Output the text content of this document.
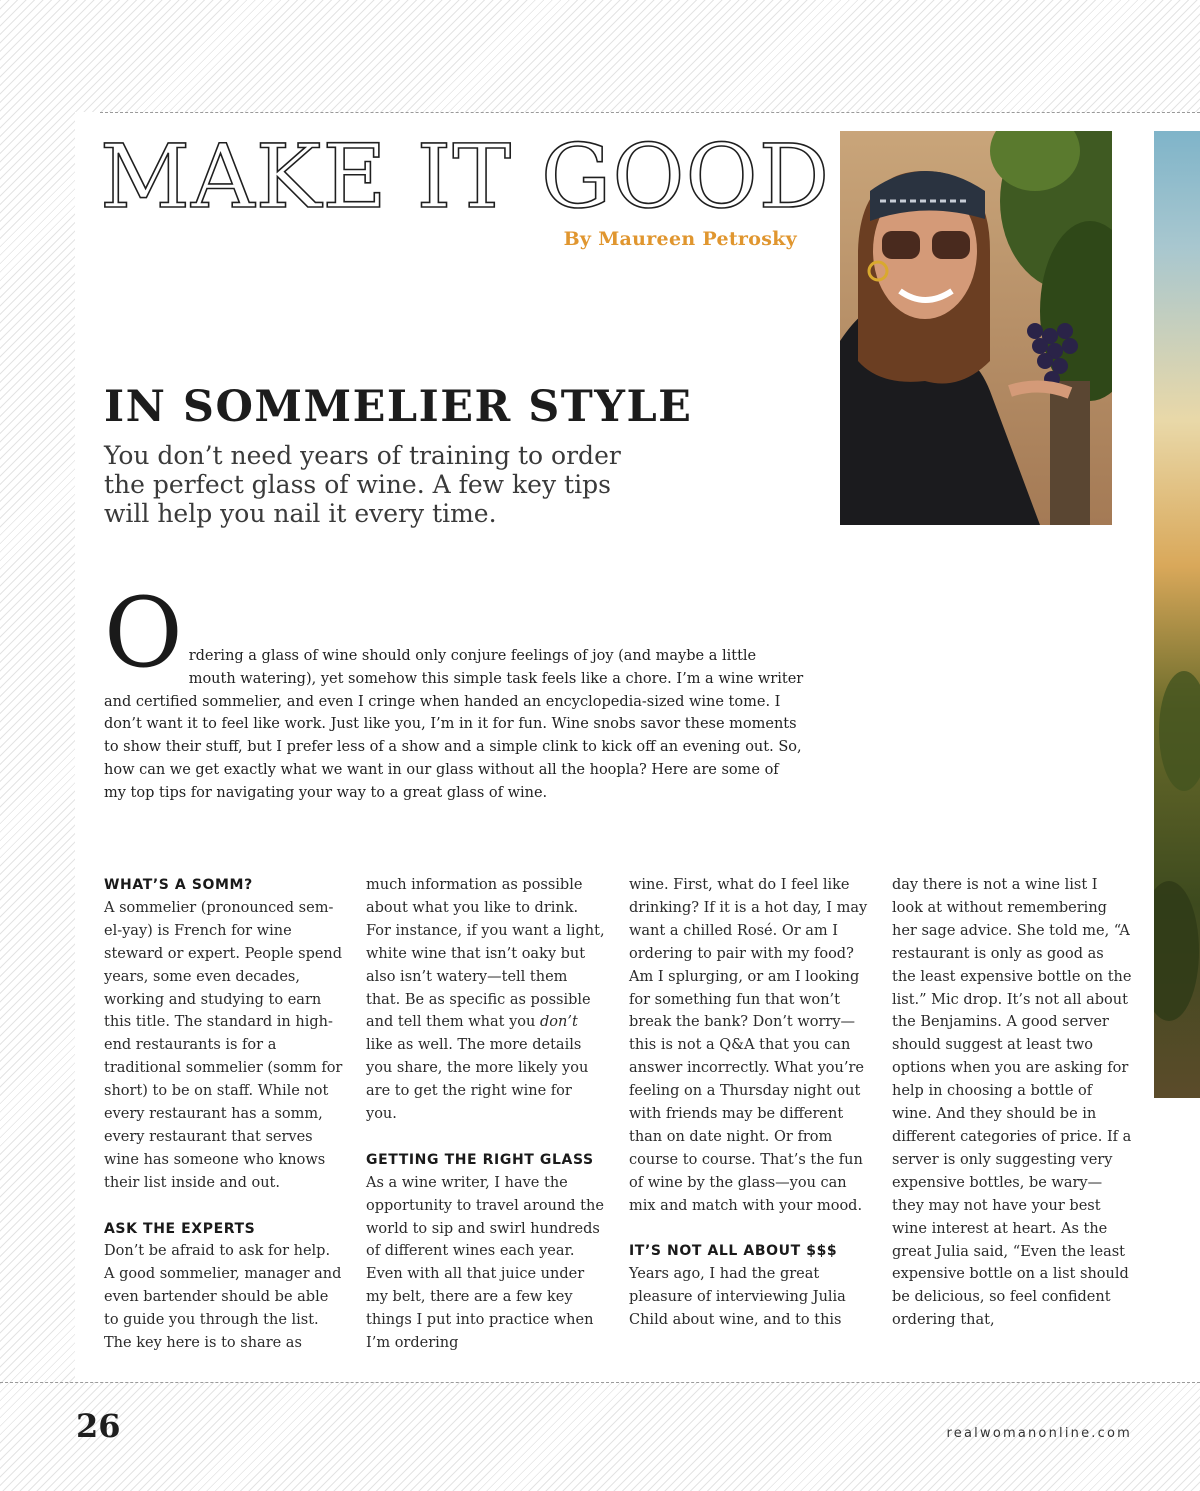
MAKE IT GOOD
By Maureen Petrosky
IN SOMMELIER STYLE

You don’t need years of training to order the perfect glass of wine. A few key tips will help you nail it every time.

O rdering a glass of wine should only conjure feelings of joy (and maybe a little mouth watering), yet somehow this simple task feels like a chore. I’m a wine writer and certified sommelier, and even I cringe when handed an encyclopedia-sized wine tome. I don’t want it to feel like work. Just like you, I’m in it for fun. Wine snobs savor these moments to show their stuff, but I prefer less of a show and a simple clink to kick off an evening out. So, how can we get exactly what we want in our glass without all the hoopla? Here are some of my top tips for navigating your way to a great glass of wine.
WHAT’S A SOMM?

A sommelier (pronounced sem-el-yay) is French for wine steward or expert. People spend years, some even decades, working and studying to earn this title. The standard in high-end restaurants is for a traditional sommelier (somm for short) to be on staff. While not every restaurant has a somm, every restaurant that serves wine has someone who knows their list inside and out.

ASK THE EXPERTS

Don’t be afraid to ask for help. A good sommelier, manager and even bartender should be able to guide you through the list. The key here is to share as

much information as possible about what you like to drink. For instance, if you want a light, white wine that isn’t oaky but also isn’t watery—tell them that. Be as specific as possible and tell them what you don’t like as well. The more details you share, the more likely you are to get the right wine for you.

GETTING THE RIGHT GLASS

As a wine writer, I have the opportunity to travel around the world to sip and swirl hundreds of different wines each year. Even with all that juice under my belt, there are a few key things I put into practice when I’m ordering

wine. First, what do I feel like drinking? If it is a hot day, I may want a chilled Rosé. Or am I ordering to pair with my food? Am I splurging, or am I looking for something fun that won’t break the bank? Don’t worry—this is not a Q&A that you can answer incorrectly. What you’re feeling on a Thursday night out with friends may be different than on date night. Or from course to course. That’s the fun of wine by the glass—you can mix and match with your mood.

IT’S NOT ALL ABOUT $$$

Years ago, I had the great pleasure of interviewing Julia Child about wine, and to this

day there is not a wine list I look at without remembering her sage advice. She told me, “A restaurant is only as good as the least expensive bottle on the list.” Mic drop. It’s not all about the Benjamins. A good server should suggest at least two options when you are asking for help in choosing a bottle of wine. And they should be in different categories of price. If a server is only suggesting very expensive bottles, be wary—they may not have your best wine interest at heart. As the great Julia said, “Even the least expensive bottle on a list should be delicious, so feel confident ordering that,

26	realwomanonline.com
